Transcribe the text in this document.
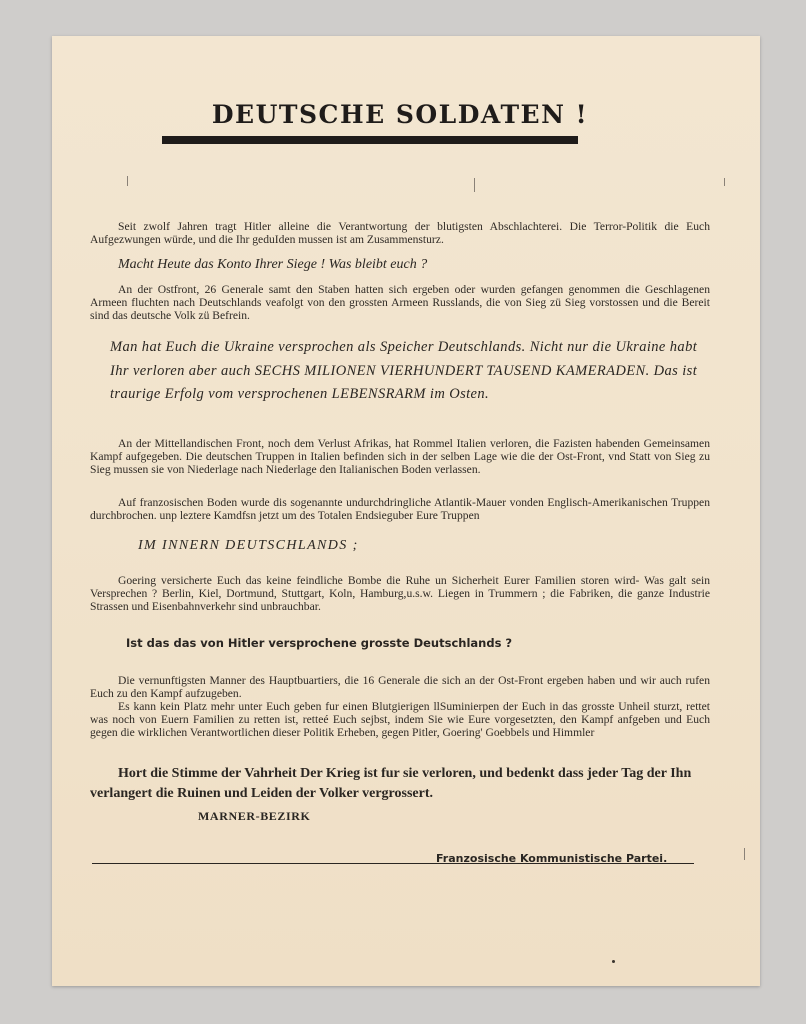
DEUTSCHE SOLDATEN !
Seit zwolf Jahren tragt Hitler alleine die Verantwortung der blutigsten Abschlachterei. Die Terror-Politik die Euch Aufgezwungen würde, und die Ihr geduIden mussen ist am Zusammensturz.
Macht Heute das Konto Ihrer Siege ! Was bleibt euch ?
An der Ostfront, 26 Generale samt den Staben hatten sich ergeben oder wurden gefangen genommen die Geschlagenen Armeen fluchten nach Deutschlands veafolgt von den grossten Armeen Russlands, die von Sieg zü Sieg vorstossen und die Bereit sind das deutsche Volk zü Befrein.
Man hat Euch die Ukraine versprochen als Speicher Deutschlands. Nicht nur die Ukraine habt Ihr verloren aber auch SECHS MILIONEN VIERHUNDERT TAUSEND KAMERADEN. Das ist traurige Erfolg vom versprochenen LEBENSRARM im Osten.
An der Mittellandischen Front, noch dem Verlust Afrikas, hat Rommel Italien verloren, die Fazisten habenden Gemeinsamen Kampf aufgegeben. Die deutschen Truppen in Italien befinden sich in der selben Lage wie die der Ost-Front, vnd Statt von Sieg zu Sieg mussen sie von Niederlage nach Niederlage den Italianischen Boden verlassen.
Auf franzosischen Boden wurde dis sogenannte undurchdringliche Atlantik-Mauer vonden Englisch-Amerikanischen Truppen durchbrochen. unp leztere Kamdfsn jetzt um des Totalen Endsieguber Eure Truppen
IM INNERN DEUTSCHLANDS ;
Goering versicherte Euch das keine feindliche Bombe die Ruhe un Sicherheit Eurer Familien storen wird- Was galt sein Versprechen ? Berlin, Kiel, Dortmund, Stuttgart, Koln, Hamburg,u.s.w. Liegen in Trummern ; die Fabriken, die ganze Industrie Strassen und Eisenbahnverkehr sind unbrauchbar.
Ist das das von Hitler versprochene grosste Deutschlands ?
Die vernunftigsten Manner des Hauptbuartiers, die 16 Generale die sich an der Ost-Front ergeben haben und wir auch rufen Euch zu den Kampf aufzugeben.
Es kann kein Platz mehr unter Euch geben fur einen Blutgierigen llSuminierpen der Euch in das grosste Unheil sturzt, rettet was noch von Euern Familien zu retten ist, retteé Euch sejbst, indem Sie wie Eure vorgesetzten, den Kampf anfgeben und Euch gegen die wirklichen Verantwortlichen dieser Politik Erheben, gegen Pitler, Goering' Goebbels und Himmler
Hort die Stimme der Vahrheit Der Krieg ist fur sie verloren, und bedenkt dass jeder Tag der Ihn verlangert die Ruinen und Leiden der Volker vergrossert.
MARNER-BEZIRK
Franzosische Kommunistische Partei.
